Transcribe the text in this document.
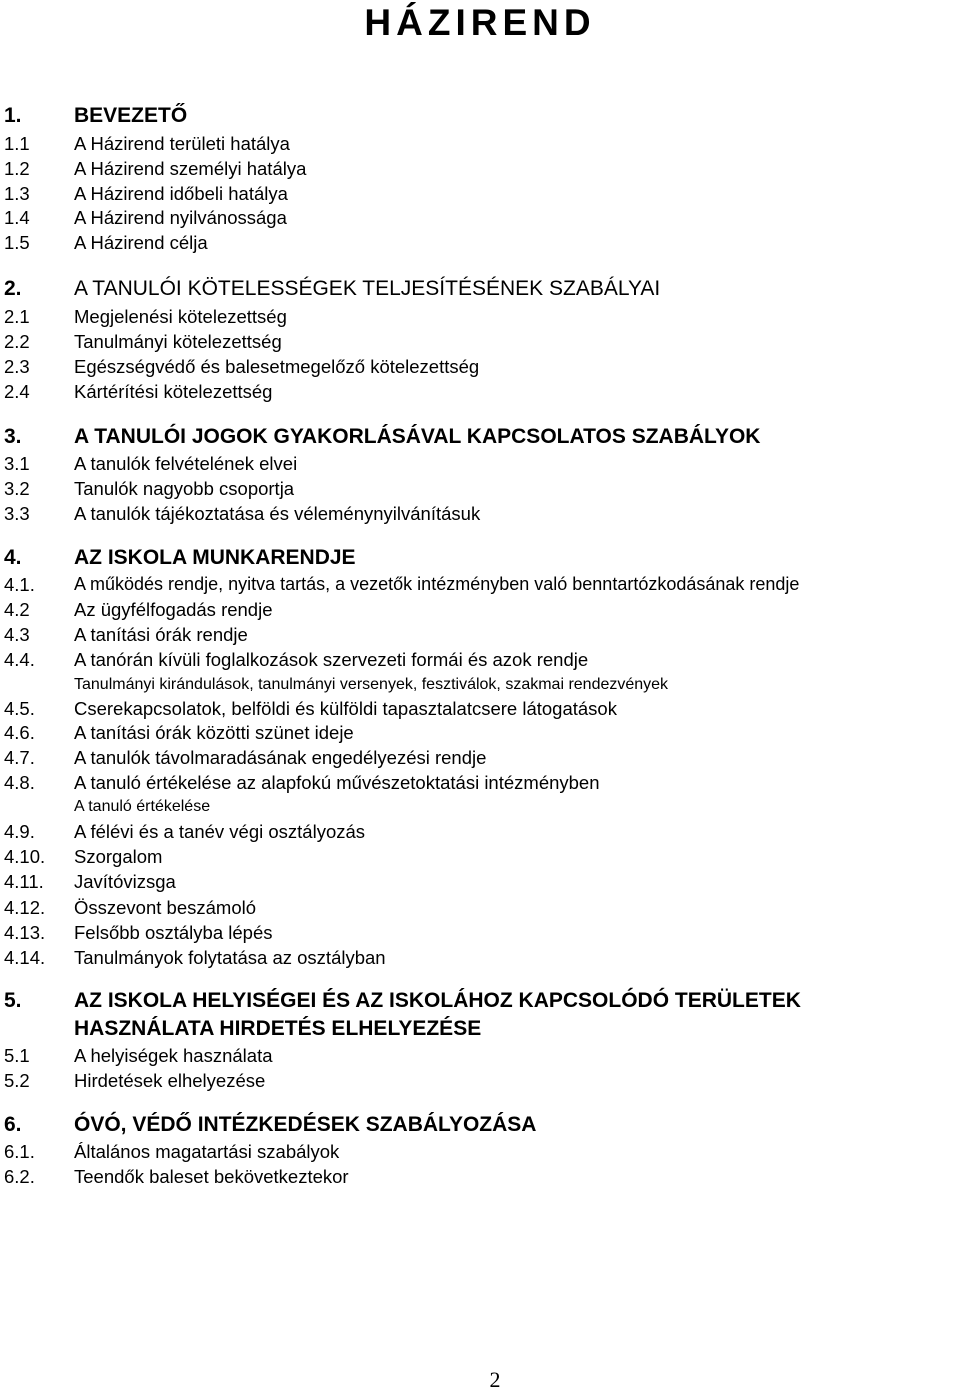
HÁZIREND
1. BEVEZETŐ
1.1 A Házirend területi hatálya
1.2 A Házirend személyi hatálya
1.3 A Házirend időbeli hatálya
1.4 A Házirend nyilvánossága
1.5 A Házirend célja
2. A TANULÓI KÖTELESSÉGEK TELJESÍTÉSÉNEK SZABÁLYAI
2.1 Megjelenési kötelezettség
2.2 Tanulmányi kötelezettség
2.3 Egészségvédő és balesetmegelőző kötelezettség
2.4 Kártérítési kötelezettség
3. A TANULÓI JOGOK GYAKORLÁSÁVAL KAPCSOLATOS SZABÁLYOK
3.1 A tanulók felvételének elvei
3.2 Tanulók nagyobb csoportja
3.3 A tanulók tájékoztatása és véleménynyilvánításuk
4. AZ ISKOLA MUNKARENDJE
4.1. A működés rendje, nyitva tartás, a vezetők intézményben való benntartózkodásának rendje
4.2 Az ügyfélfogadás rendje
4.3 A tanítási órák rendje
4.4. A tanórán kívüli foglalkozások szervezeti formái és azok rendje
Tanulmányi kirándulások, tanulmányi versenyek, fesztiválok, szakmai rendezvények
4.5. Cserekapcsolatok, belföldi és külföldi tapasztalatcsere látogatások
4.6. A tanítási órák közötti szünet ideje
4.7. A tanulók távolmaradásának engedélyezési rendje
4.8. A tanuló értékelése az alapfokú művészetoktatási intézményben
A tanuló értékelése
4.9. A félévi és a tanév végi osztályozás
4.10. Szorgalom
4.11. Javítóvizsga
4.12. Összevont beszámoló
4.13. Felsőbb osztályba lépés
4.14. Tanulmányok folytatása az osztályban
5. AZ ISKOLA HELYISÉGEI ÉS AZ ISKOLÁHOZ KAPCSOLÓDÓ TERÜLETEK
HASZNÁLATA HIRDETÉS ELHELYEZÉSE
5.1 A helyiségek használata
5.2 Hirdetések elhelyezése
6. ÓVÓ, VÉDŐ INTÉZKEDÉSEK SZABÁLYOZÁSA
6.1. Általános magatartási szabályok
6.2. Teendők baleset bekövetkeztekor
2
